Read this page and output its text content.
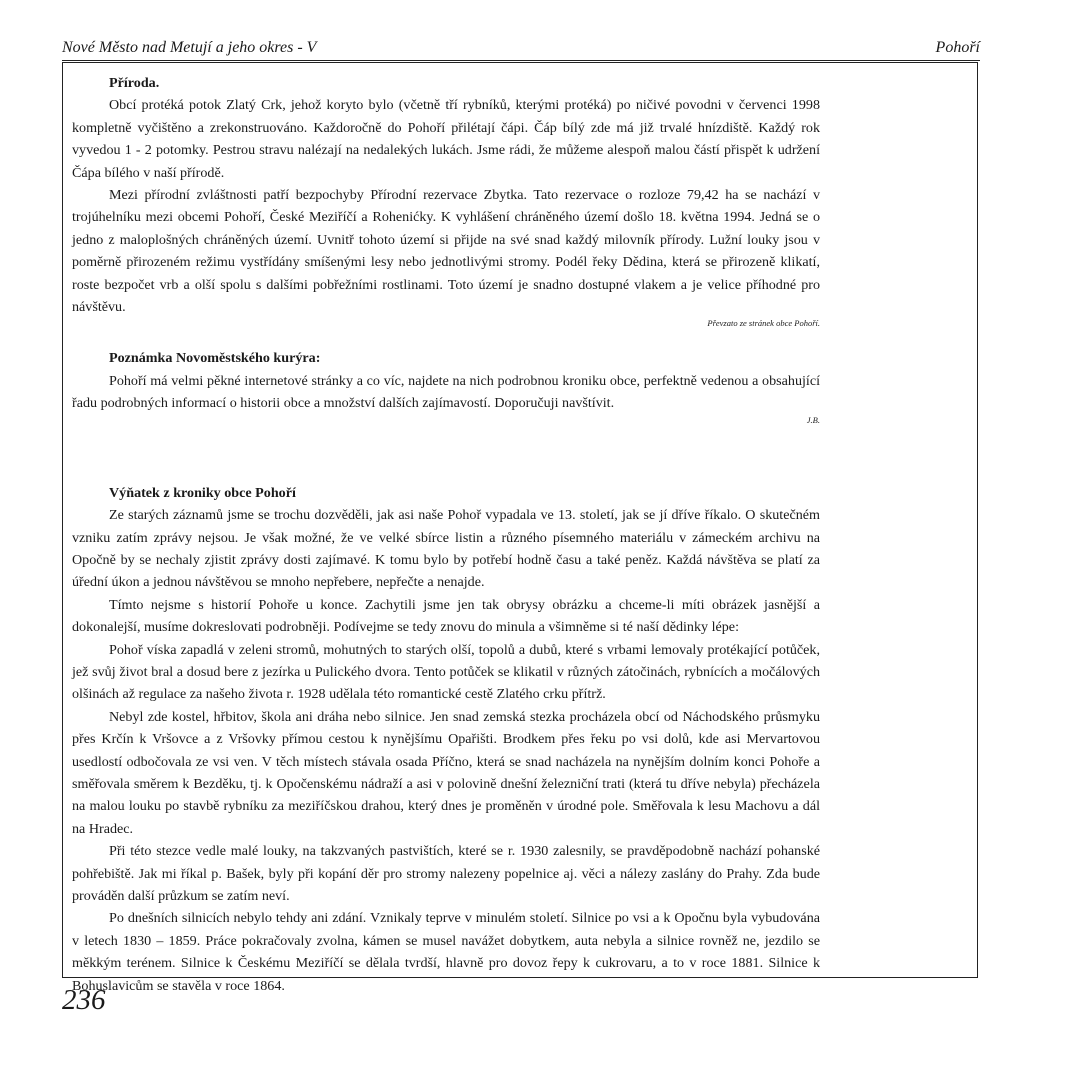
Nové Město nad Metují a jeho okres - V	Pohoří
Příroda.

Obcí protéká potok Zlatý Crk, jehož koryto bylo (včetně tří rybníků, kterými protéká) po ničivé povodni v červenci 1998 kompletně vyčištěno a zrekonstruováno. Každoročně do Pohoří přilétají čápi. Čáp bílý zde má již trvalé hnízdiště. Každý rok vyvedou 1 - 2 potomky. Pestrou stravu nalézají na nedalekých lukách. Jsme rádi, že můžeme alespoň malou částí přispět k udržení Čápa bílého v naší přírodě.

Mezi přírodní zvláštnosti patří bezpochyby Přírodní rezervace Zbytka. Tato rezervace o rozloze 79,42 ha se nachází v trojúhelníku mezi obcemi Pohoří, České Meziříčí a Rohenićky. K vyhlášení chráněného území došlo 18. května 1994. Jedná se o jedno z maloplošných chráněných území. Uvnitř tohoto území si přijde na své snad každý milovník přírody. Lužní louky jsou v poměrně přirozeném režimu vystřídány smíšenými lesy nebo jednotlivými stromy. Podél řeky Dědina, která se přirozeně klikatí, roste bezpočet vrb a olší spolu s dalšími pobřežními rostlinami. Toto území je snadno dostupné vlakem a je velice příhodné pro návštěvu.

Převzato ze stránek obce Pohoří.
Poznámka Novoměstského kurýra:

Pohoří má velmi pěkné internetové stránky a co víc, najdete na nich podrobnou kroniku obce, perfektně vedenou a obsahující řadu podrobných informací o historii obce a množství dalších zajímavostí. Doporučuji navštívit.

J.B.
Výňatek z kroniky obce Pohoří

Ze starých záznamů jsme se trochu dozvěděli, jak asi naše Pohoř vypadala ve 13. století, jak se jí dříve říkalo. O skutečném vzniku zatím zprávy nejsou. Je však možné, že ve velké sbírce listin a různého písemného materiálu v zámeckém archivu na Opočně by se nechaly zjistit zprávy dosti zajímavé. K tomu bylo by potřebí hodně času a také peněz. Každá návštěva se platí za úřední úkon a jednou návštěvou se mnoho nepřebere, nepřečte a nenajde.

Tímto nejsme s historií Pohoře u konce. Zachytili jsme jen tak obrysy obrázku a chceme-li míti obrázek jasnější a dokonalejší, musíme dokreslovati podrobněji. Podívejme se tedy znovu do minula a všimněme si té naší dědinky lépe:

Pohoř víska zapadlá v zeleni stromů, mohutných to starých olší, topolů a dubů, které s vrbami lemovaly protékající potůček, jež svůj život bral a dosud bere z jezírka u Pulického dvora. Tento potůček se klikatil v různých zátočinách, rybnících a močálových olšinách až regulace za našeho života r. 1928 udělala této romantické cestě Zlatého crku přítrž.

Nebyl zde kostel, hřbitov, škola ani dráha nebo silnice. Jen snad zemská stezka procházela obcí od Náchodského průsmyku přes Krčín k Vršovce a z Vršovky přímou cestou k nynějšímu Opařišti. Brodkem přes řeku po vsi dolů, kde asi Mervartovou usedlostí odbočovala ze vsi ven. V těch místech stávala osada Příčno, která se snad nacházela na nynějším dolním konci Pohoře a směřovala směrem k Bezděku, tj. k Opočenskému nádraží a asi v polovině dnešní železniční trati (která tu dříve nebyla) přecházela na malou louku po stavbě rybníku za meziříčskou drahou, který dnes je proměněn v úrodné pole. Směřovala k lesu Machovu a dál na Hradec.

Při této stezce vedle malé louky, na takzvaných pastvištích, které se r. 1930 zalesnily, se pravděpodobně nachází pohanské pohřebiště. Jak mi říkal p. Bašek, byly při kopání děr pro stromy nalezeny popelnice aj. věci a nálezy zaslány do Prahy. Zda bude prováděn další průzkum se zatím neví.

Po dnešních silnicích nebylo tehdy ani zdání. Vznikaly teprve v minulém století. Silnice po vsi a k Opočnu byla vybudována v letech 1830 – 1859. Práce pokračovaly zvolna, kámen se musel navážet dobytkem, auta nebyla a silnice rovněž ne, jezdilo se měkkým terénem. Silnice k Českému Meziříčí se dělala tvrdší, hlavně pro dovoz řepy k cukrovaru, a to v roce 1881. Silnice k Bohuslavicům se stavěla v roce 1864.

236
